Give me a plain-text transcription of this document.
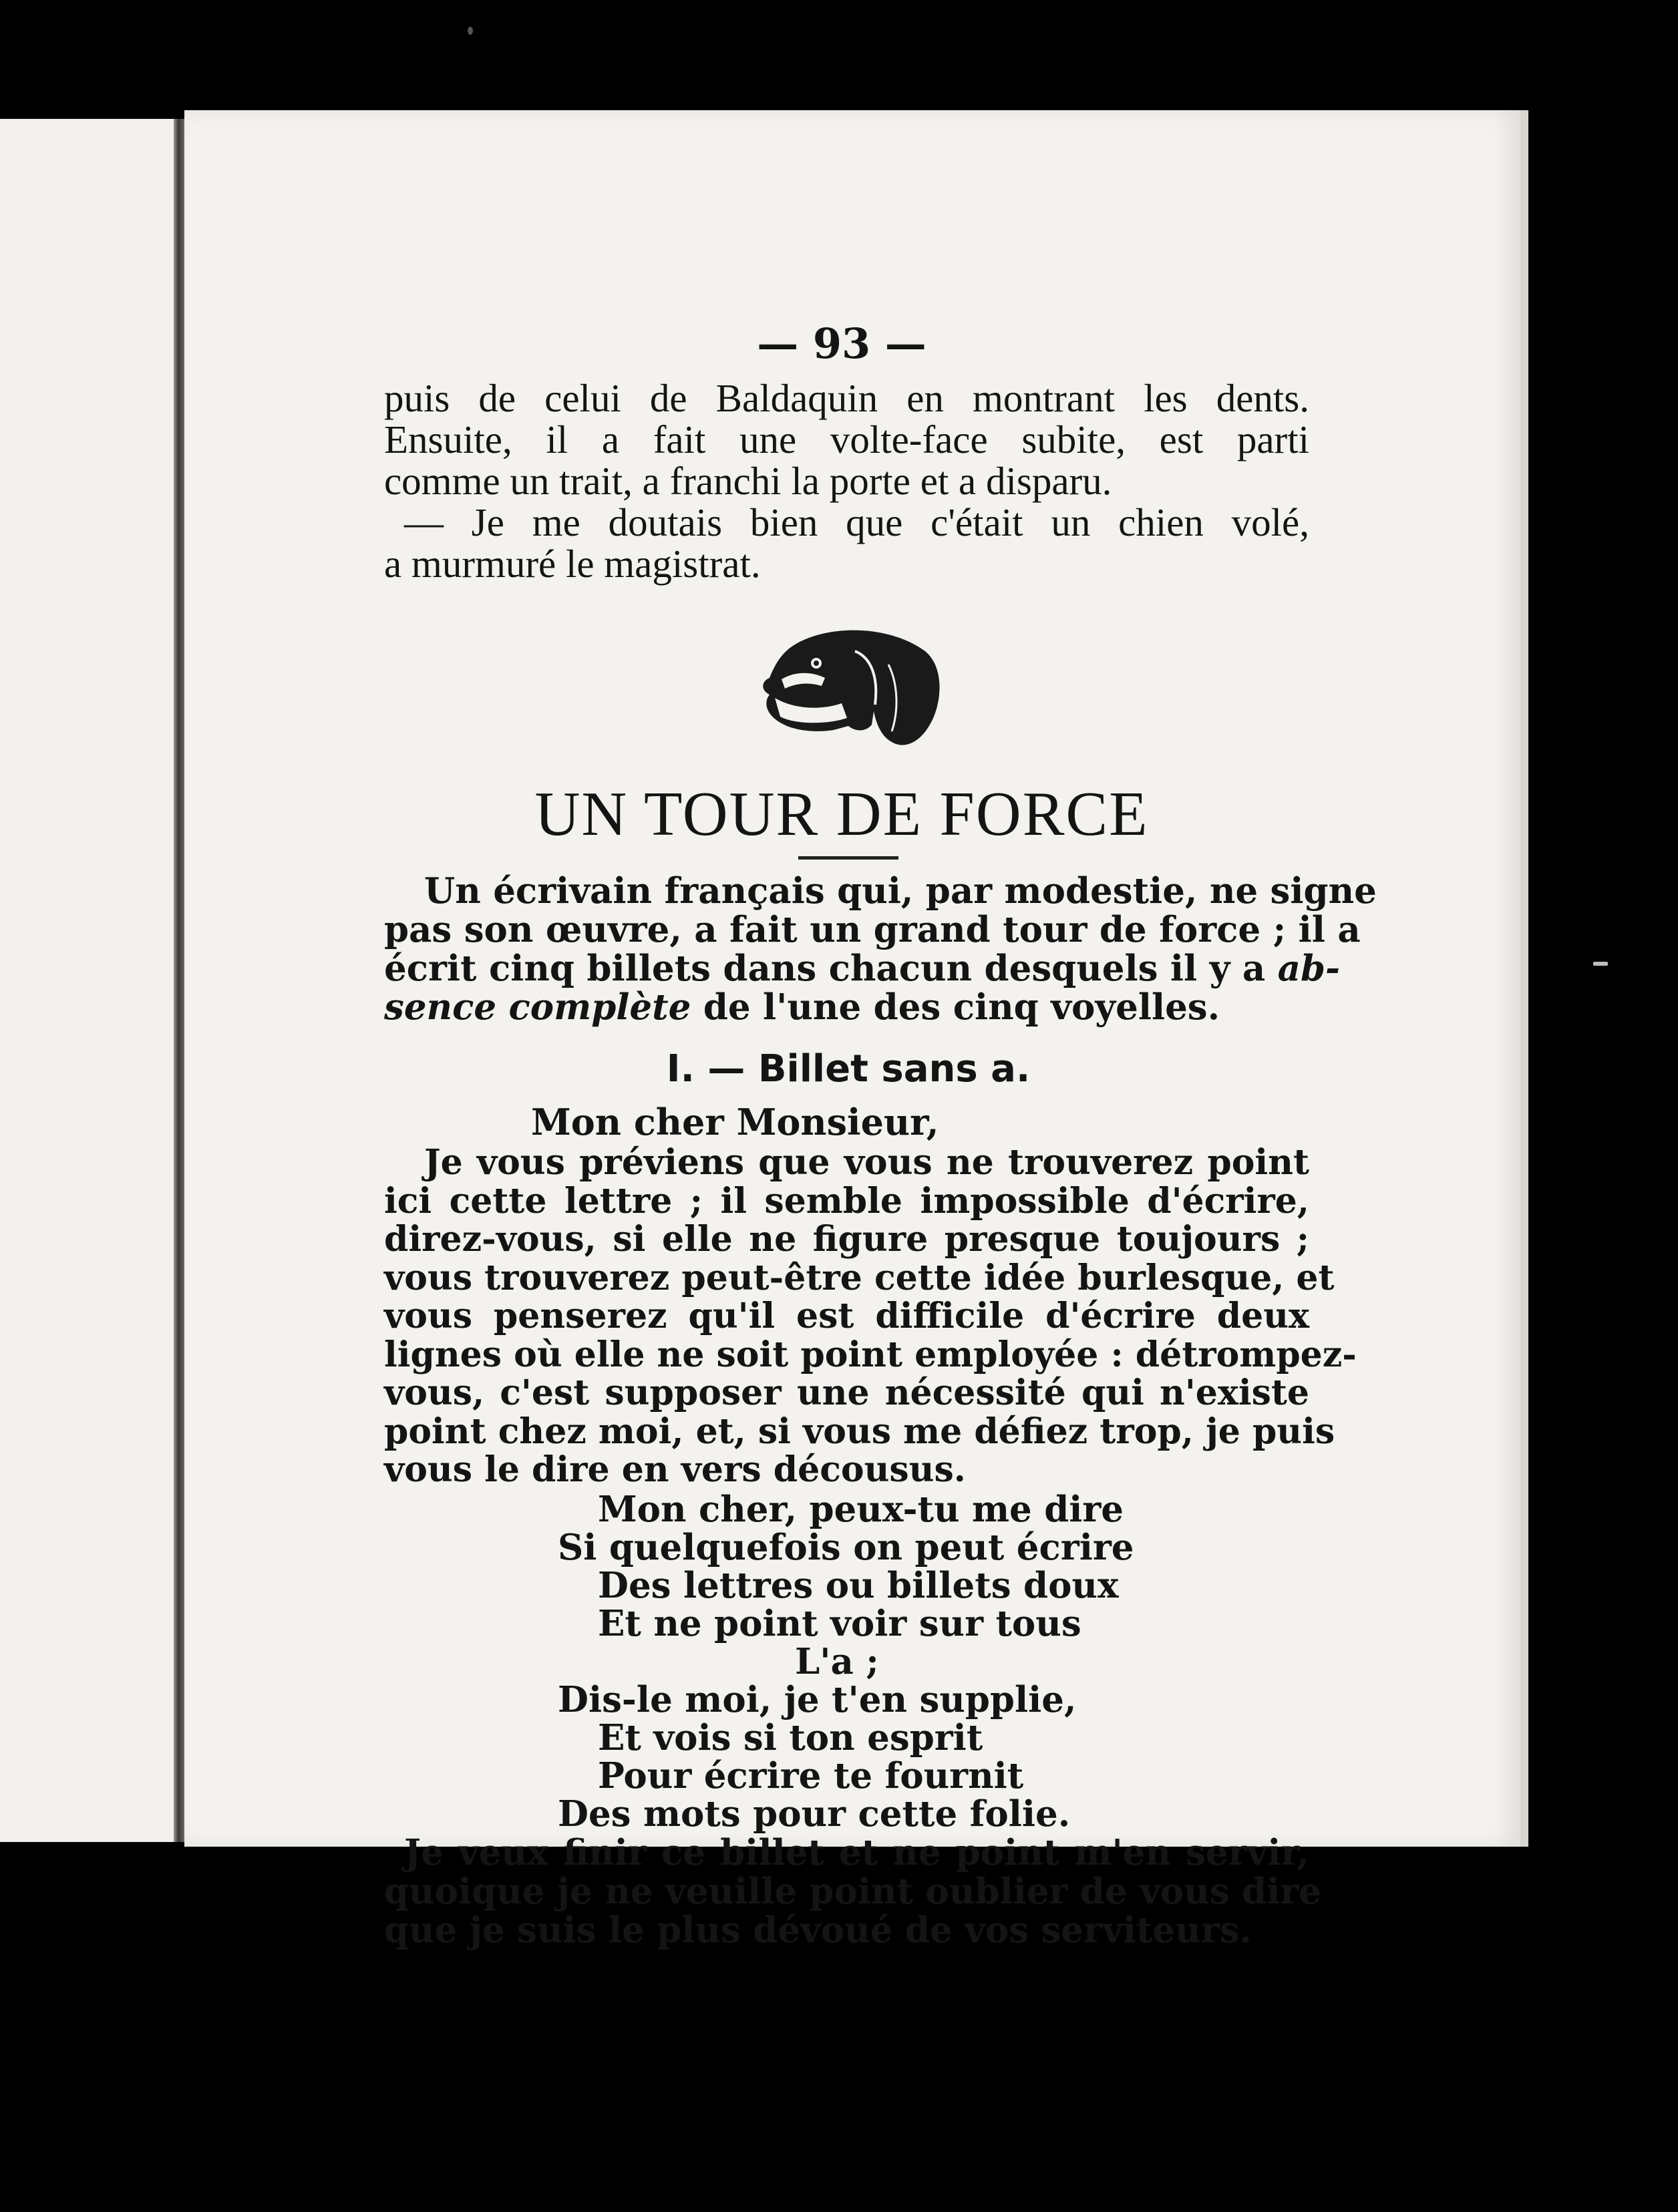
— 93 —
puis de celui de Baldaquin en montrant les dents.
Ensuite, il a fait une volte-face subite, est parti
comme un trait, a franchi la porte et a disparu.
— Je me doutais bien que c'était un chien volé,
a murmuré le magistrat.
UN TOUR DE FORCE
Un écrivain français qui, par modestie, ne signe
pas son œuvre, a fait un grand tour de force ; il a
écrit cinq billets dans chacun desquels il y a ab-
sence complète de l'une des cinq voyelles.
I. — Billet sans a.
Mon cher Monsieur,
Je vous préviens que vous ne trouverez point
ici cette lettre ; il semble impossible d'écrire,
direz-vous, si elle ne figure presque toujours ;
vous trouverez peut-être cette idée burlesque, et
vous penserez qu'il est difficile d'écrire deux
lignes où elle ne soit point employée : détrompez-
vous, c'est supposer une nécessité qui n'existe
point chez moi, et, si vous me défiez trop, je puis
vous le dire en vers décousus.
Mon cher, peux-tu me dire
Si quelquefois on peut écrire
Des lettres ou billets doux
Et ne point voir sur tous
L'a ;
Dis-le moi, je t'en supplie,
Et vois si ton esprit
Pour écrire te fournit
Des mots pour cette folie.
Je veux finir ce billet et ne point m'en servir,
quoique je ne veuille point oublier de vous dire
que je suis le plus dévoué de vos serviteurs.
